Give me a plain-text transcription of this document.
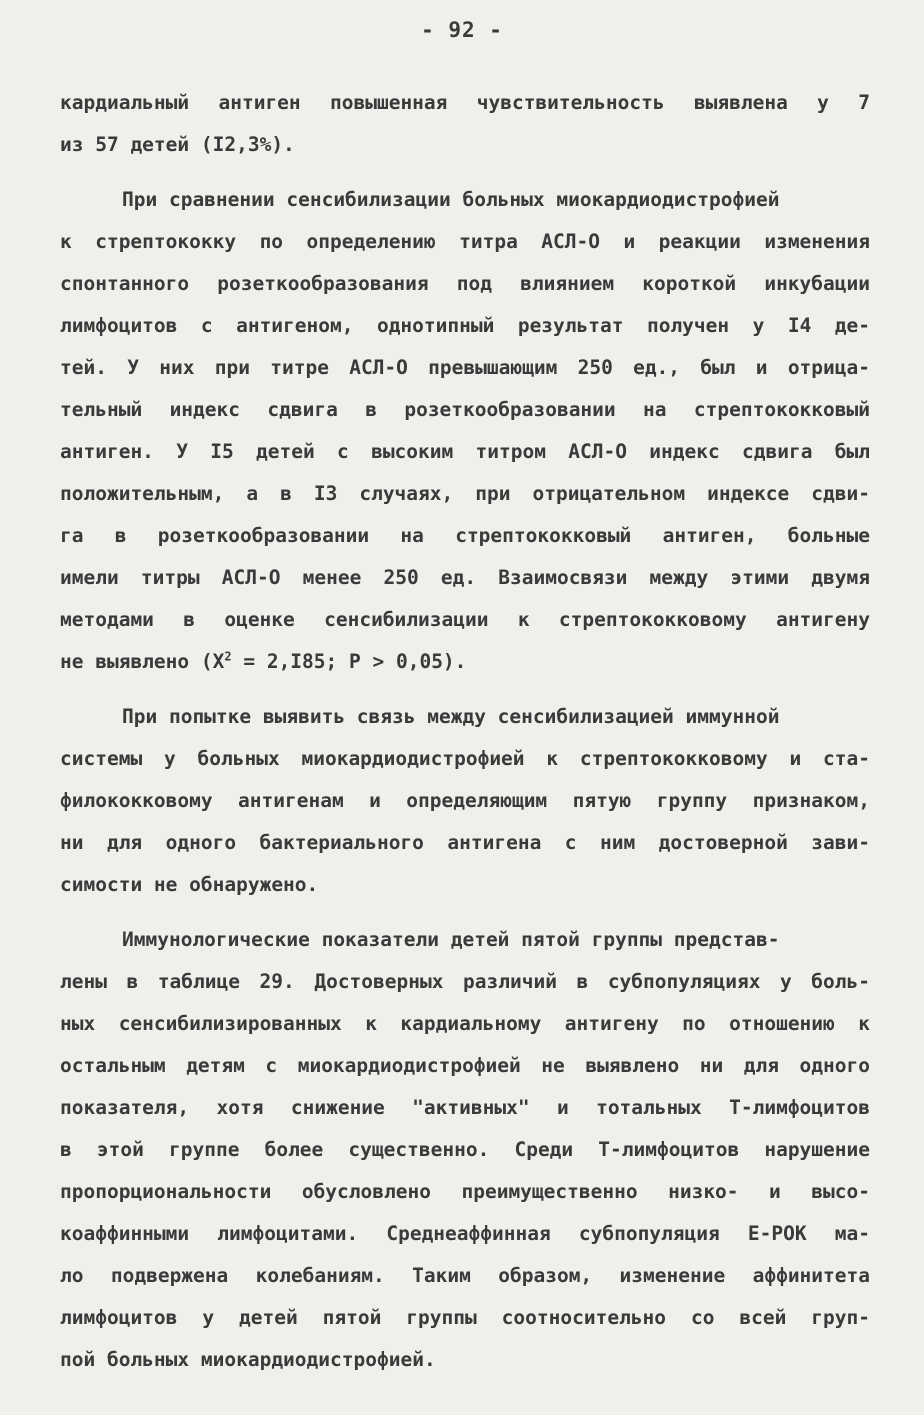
- 92 -
кардиальный антиген повышенная чувствительность выявлена у 7
из 57 детей (I2,3%).
При сравнении сенсибилизации больных миокардиодистрофией
к стрептококку по определению титра АСЛ-О и реакции изменения
спонтанного розеткообразования под влиянием короткой инкубации
лимфоцитов с антигеном, однотипный результат получен у I4 де-
тей. У них при титре АСЛ-О превышающим 250 ед., был и отрица-
тельный индекс сдвига в розеткообразовании на стрептококковый
антиген. У I5 детей с высоким титром АСЛ-О индекс сдвига был
положительным, а в I3 случаях, при отрицательном индексе сдви-
га в розеткообразовании на стрептококковый антиген, больные
имели титры АСЛ-О менее 250 ед. Взаимосвязи между этими двумя
методами в оценке сенсибилизации к стрептококковому антигену
не выявлено ($X^2 = 2,I85$; P > 0,05).
При попытке выявить связь между сенсибилизацией иммунной
системы у больных миокардиодистрофией к стрептококковому и ста-
филококковому антигенам и определяющим пятую группу признаком,
ни для одного бактериального антигена с ним достоверной зави-
симости не обнаружено.
Иммунологические показатели детей пятой группы представ-
лены в таблице 29. Достоверных различий в субпопуляциях у боль-
ных сенсибилизированных к кардиальному антигену по отношению к
остальным детям с миокардиодистрофией не выявлено ни для одного
показателя, хотя снижение "активных" и тотальных Т-лимфоцитов
в этой группе более существенно. Среди Т-лимфоцитов нарушение
пропорциональности обусловлено преимущественно низко- и высо-
коаффинными лимфоцитами. Среднеаффинная субпопуляция Е-РОК ма-
ло подвержена колебаниям. Таким образом, изменение аффинитета
лимфоцитов у детей пятой группы соотносительно со всей груп-
пой больных миокардиодистрофией.
